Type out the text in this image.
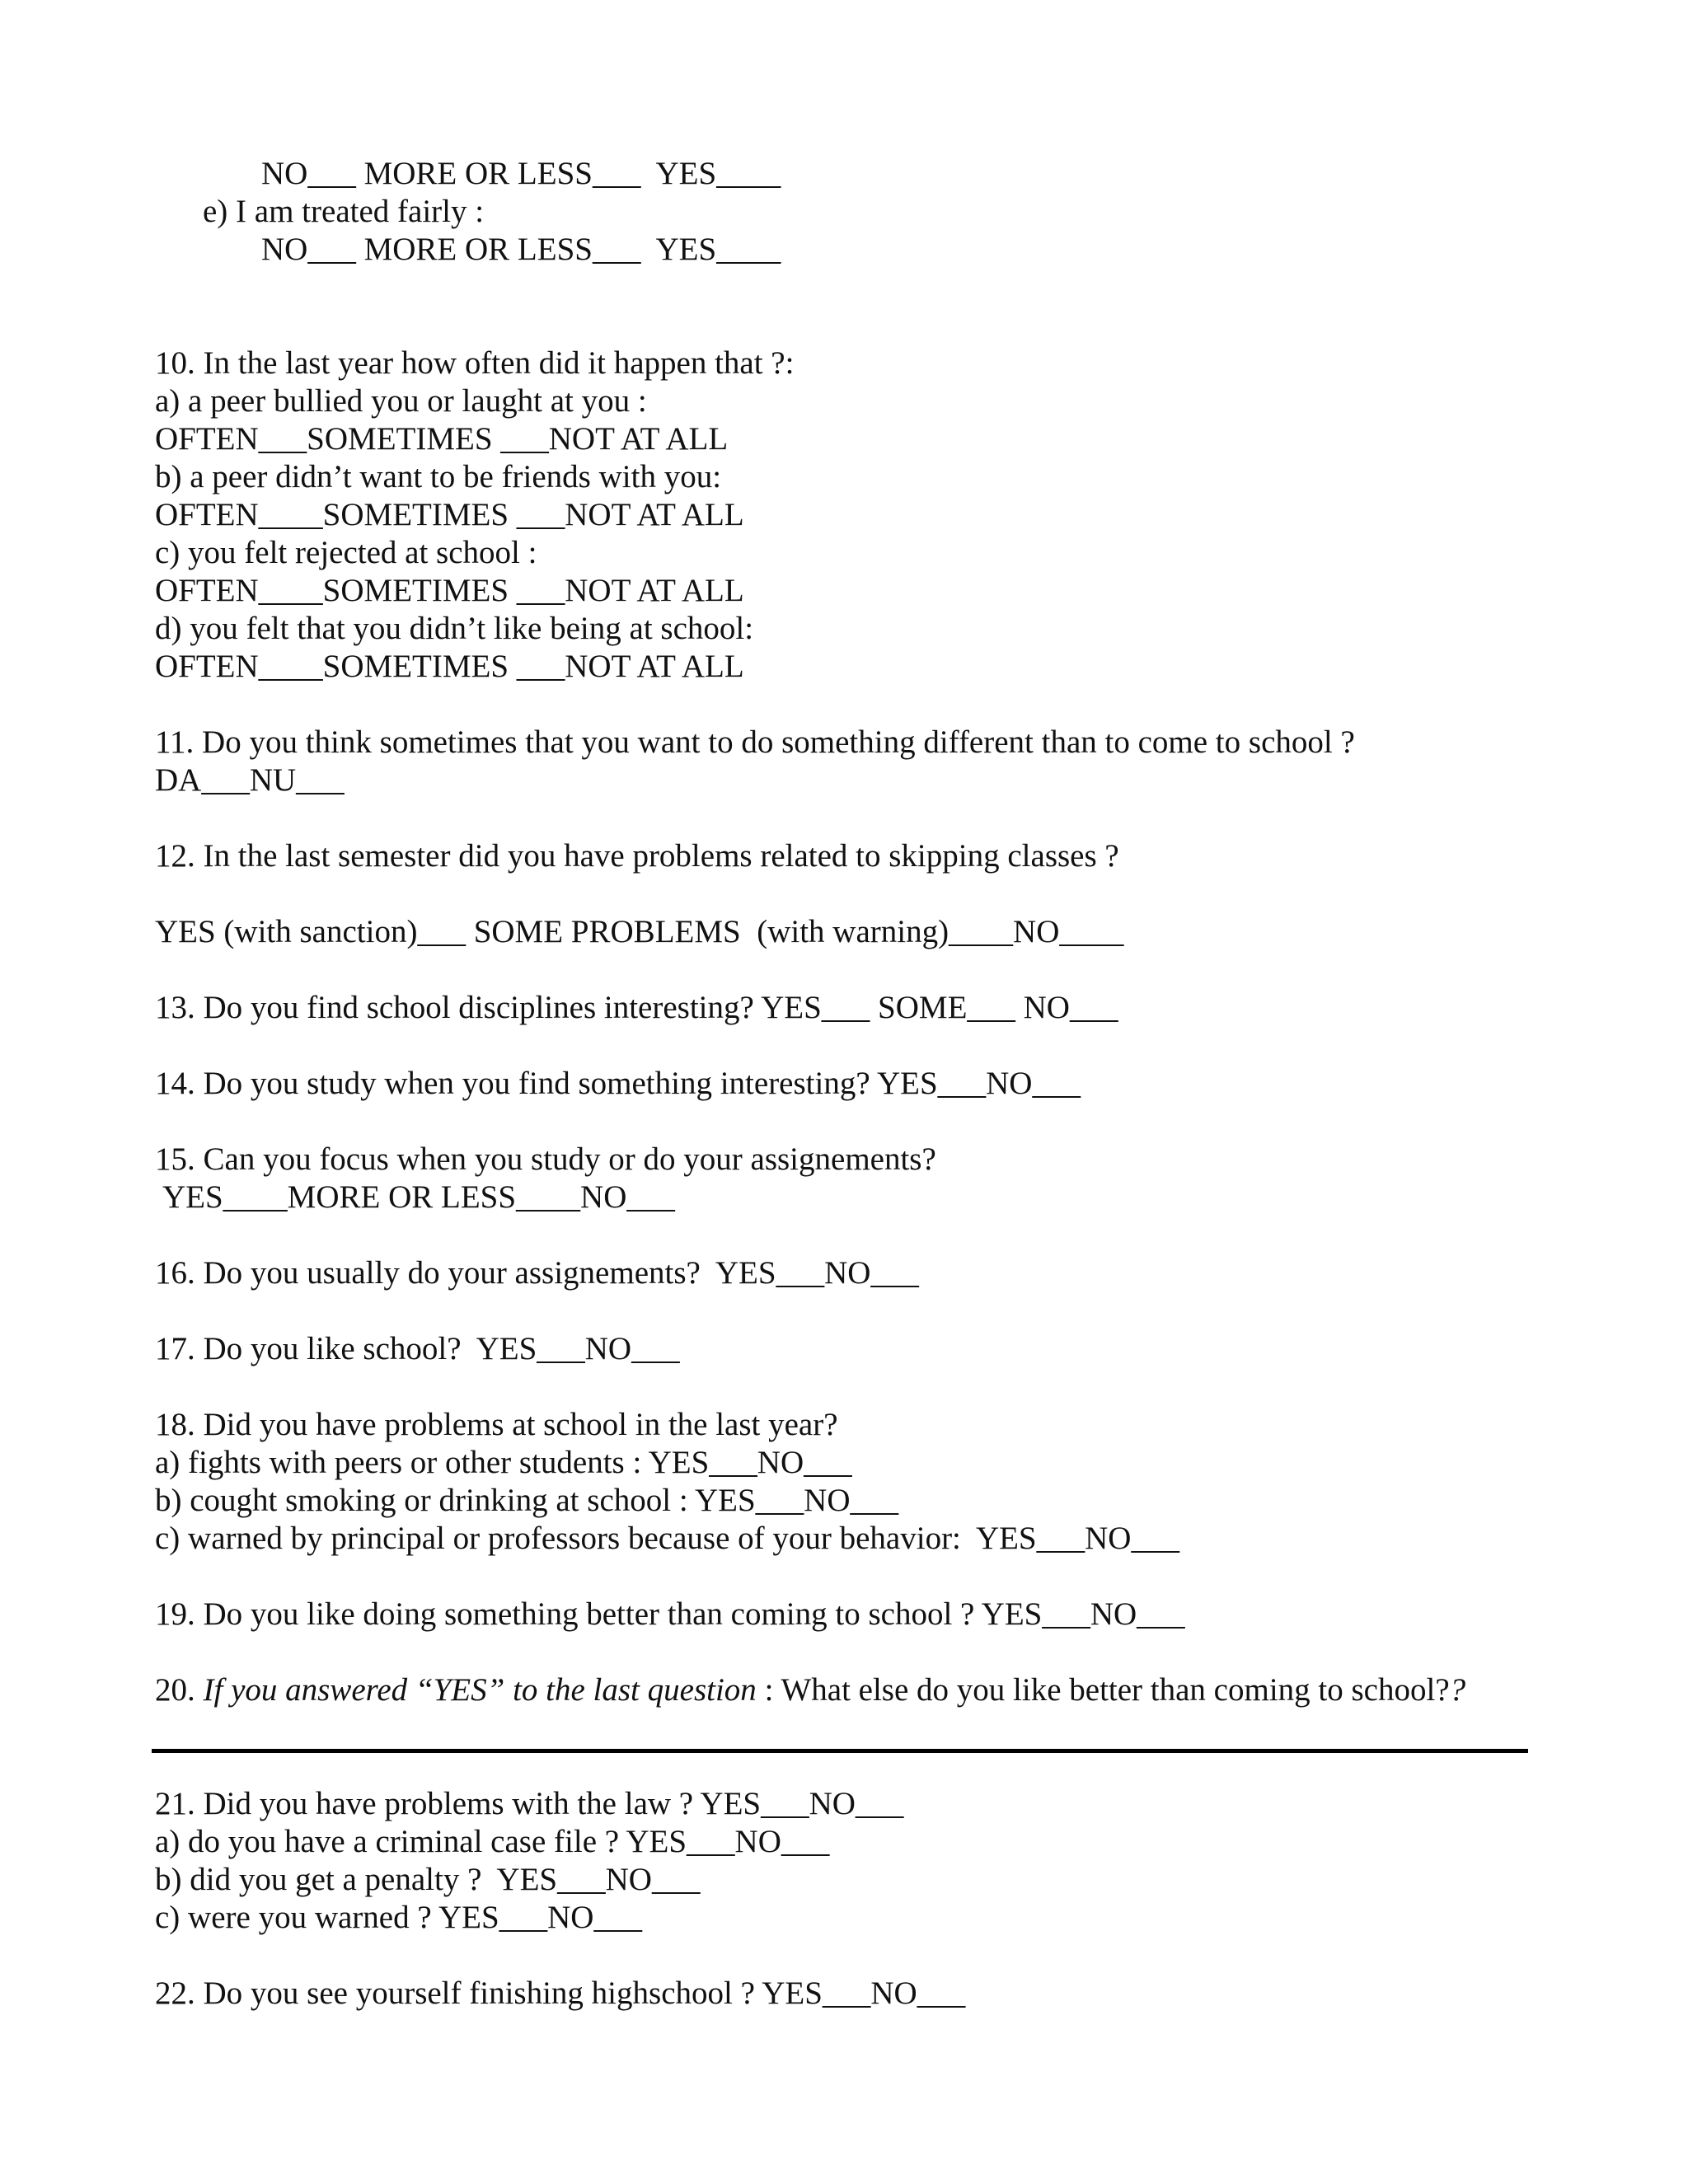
NO___ MORE OR LESS___  YES____
e) I am treated fairly :
NO___ MORE OR LESS___  YES____
10. In the last year how often did it happen that ?:
a) a peer bullied you or laught at you :
OFTEN___SOMETIMES ___NOT AT ALL
b) a peer didn’t want to be friends with you:
OFTEN____SOMETIMES ___NOT AT ALL
c) you felt rejected at school :
OFTEN____SOMETIMES ___NOT AT ALL
d) you felt that you didn’t like being at school:
OFTEN____SOMETIMES ___NOT AT ALL
11. Do you think sometimes that you want to do something different than to come to school ?
DA___NU___
12. In the last semester did you have problems related to skipping classes ?
YES (with sanction)___ SOME PROBLEMS  (with warning)____NO____
13. Do you find school disciplines interesting? YES___ SOME___ NO___
14. Do you study when you find something interesting? YES___NO___
15. Can you focus when you study or do your assignements?
YES____MORE OR LESS____NO___
16. Do you usually do your assignements?  YES___NO___
17. Do you like school?  YES___NO___
18. Did you have problems at school in the last year?
a) fights with peers or other students : YES___NO___
b) cought smoking or drinking at school : YES___NO___
c) warned by principal or professors because of your behavior:  YES___NO___
19. Do you like doing something better than coming to school ? YES___NO___
20. If you answered “YES” to the last question : What else do you like better than coming to school??
21. Did you have problems with the law ? YES___NO___
a) do you have a criminal case file ? YES___NO___
b) did you get a penalty ?  YES___NO___
c) were you warned ? YES___NO___
22. Do you see yourself finishing highschool ? YES___NO___
